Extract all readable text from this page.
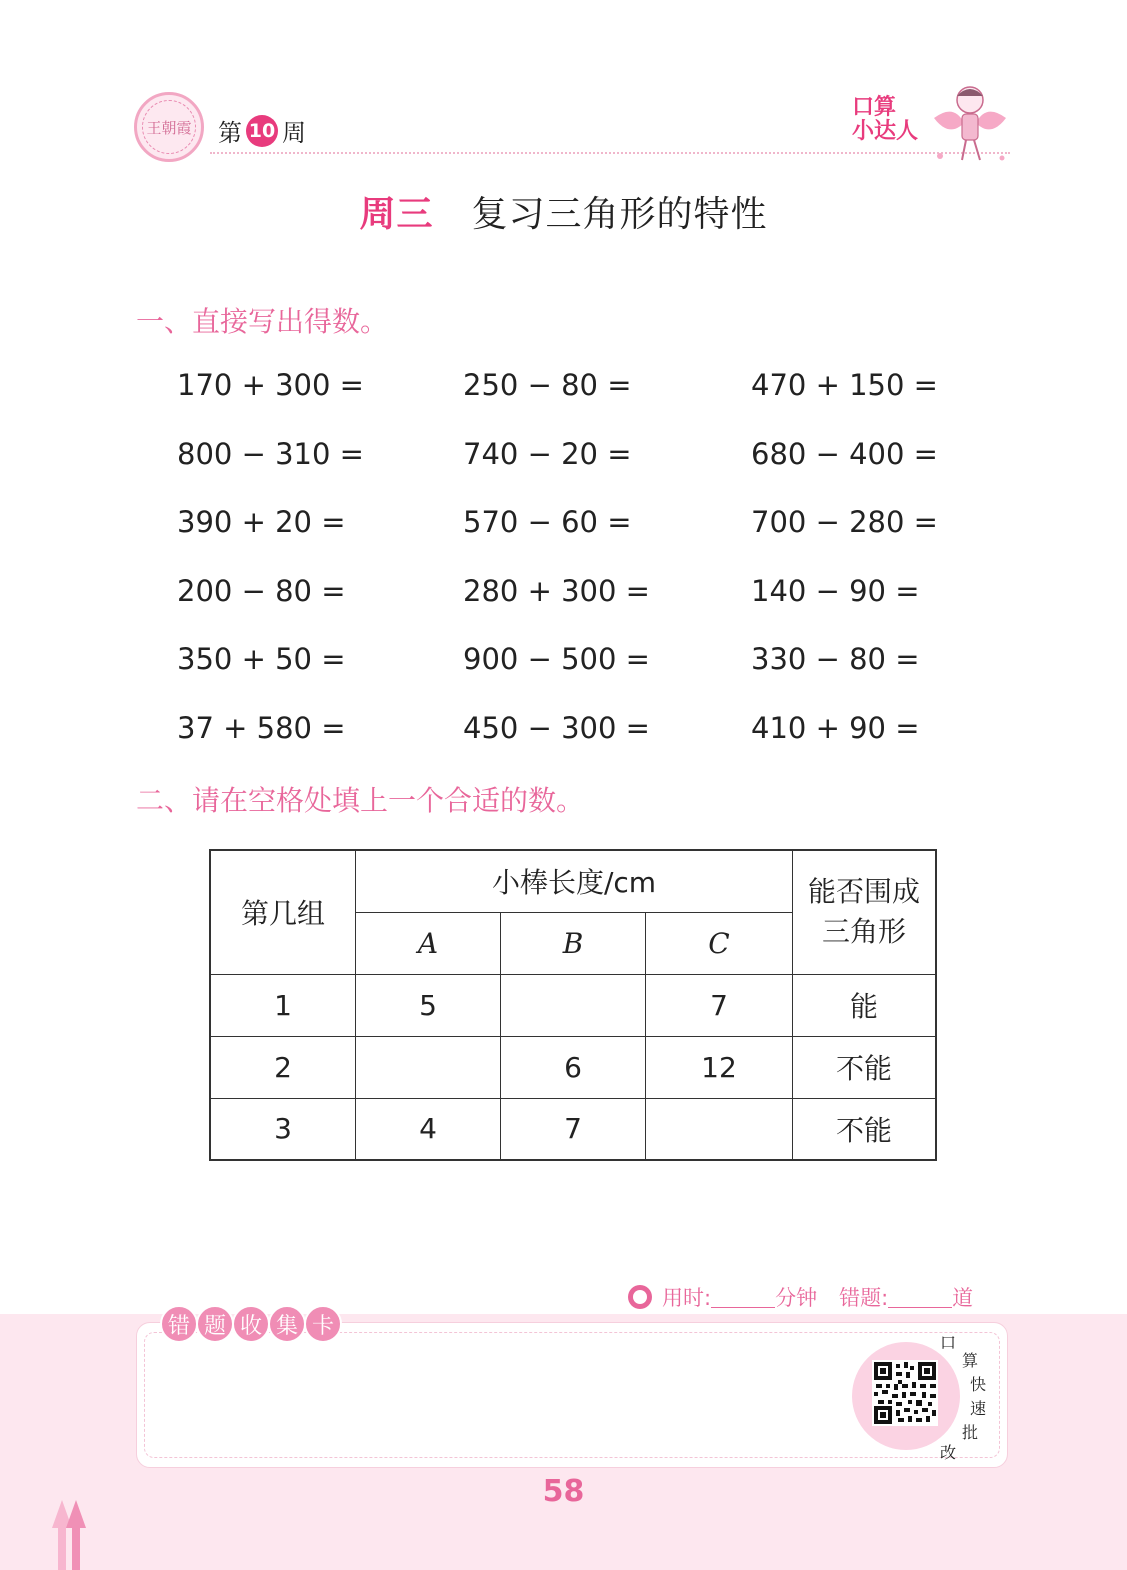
王朝霞 第 10 周
口算
小达人
周三 复习三角形的特性
一、直接写出得数。
170 + 300 =	250 − 80 =	470 + 150 =
800 − 310 =	740 − 20 =	680 − 400 =
390 + 20 =	570 − 60 =	700 − 280 =
200 − 80 =	280 + 300 =	140 − 90 =
350 + 50 =	900 − 500 =	330 − 80 =
37 + 580 =	450 − 300 =	410 + 90 =
二、请在空格处填上一个合适的数。
第几组	小棒长度/cm			能否围成
三角形

	A	B	C	
1	5		7	能
2		6	12	不能
3	4	7		不能
用时:	分钟 错题:	道
错 题 收 集 卡
口
算
快
速
批
改
58
